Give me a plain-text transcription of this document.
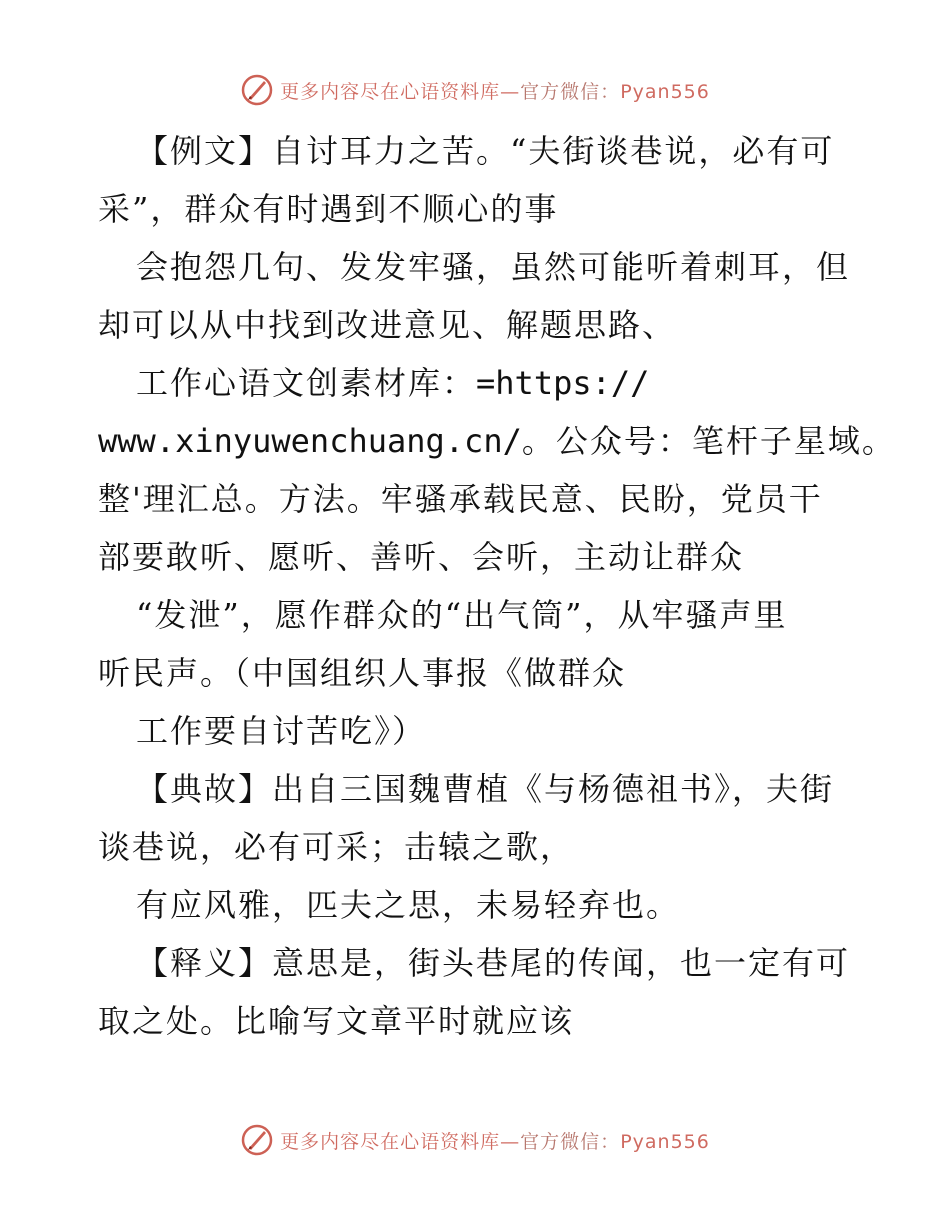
更多内容尽在心语资料库—官方微信：Pyan556
【例文】自讨耳力之苦。“夫街谈巷说，必有可
采”，群众有时遇到不顺心的事
会抱怨几句、发发牢骚，虽然可能听着刺耳，但
却可以从中找到改进意见、解题思路、
工作心语文创素材库：=https://
www.xinyuwenchuang.cn/。公众号：笔杆子星域。
整'理汇总。方法。牢骚承载民意、民盼，党员干
部要敢听、愿听、善听、会听，主动让群众
“发泄”，愿作群众的“出气筒”，从牢骚声里
听民声。（中国组织人事报《做群众
工作要自讨苦吃》）
【典故】出自三国魏曹植《与杨德祖书》，夫街
谈巷说，必有可采；击辕之歌，
有应风雅，匹夫之思，未易轻弃也。
【释义】意思是，街头巷尾的传闻，也一定有可
取之处。比喻写文章平时就应该
更多内容尽在心语资料库—官方微信：Pyan556
